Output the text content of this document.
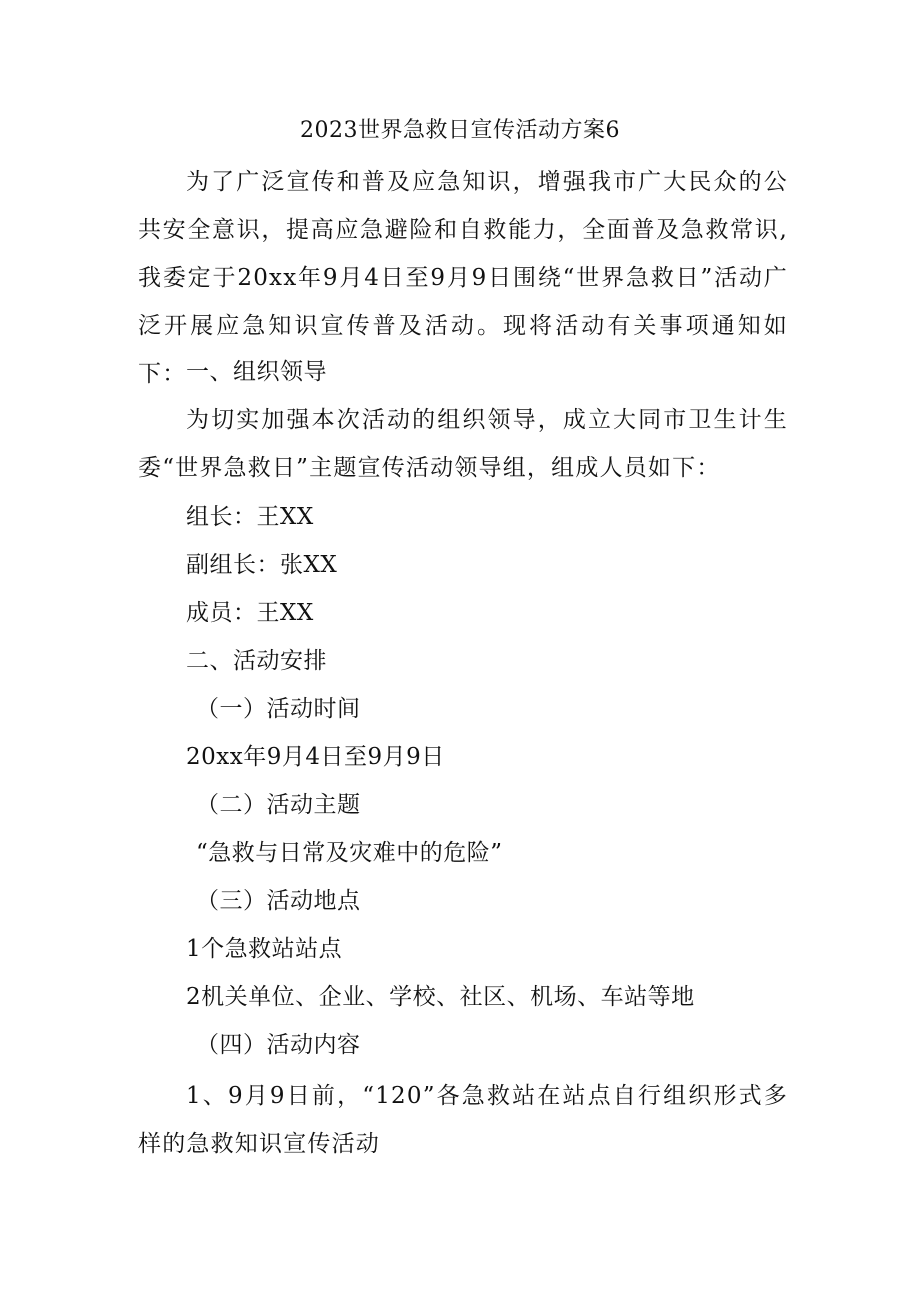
2023世界急救日宣传活动方案6
为了广泛宣传和普及应急知识，增强我市广大民众的公共安全意识，提高应急避险和自救能力，全面普及急救常识,我委定于20xx年9月4日至9月9日围绕“世界急救日”活动广泛开展应急知识宣传普及活动。现将活动有关事项通知如下： 一、组织领导
为切实加强本次活动的组织领导，成立大同市卫生计生委“世界急救日”主题宣传活动领导组，组成人员如下：
组长：王XX
副组长：张XX
成员：王XX
二、活动安排
（一）活动时间
20xx年9月4日至9月9日
（二）活动主题
“急救与日常及灾难中的危险”
（三）活动地点
1个急救站站点
2机关单位、企业、学校、社区、机场、车站等地
（四）活动内容
1、9月9日前，“120”各急救站在站点自行组织形式多样的急救知识宣传活动
